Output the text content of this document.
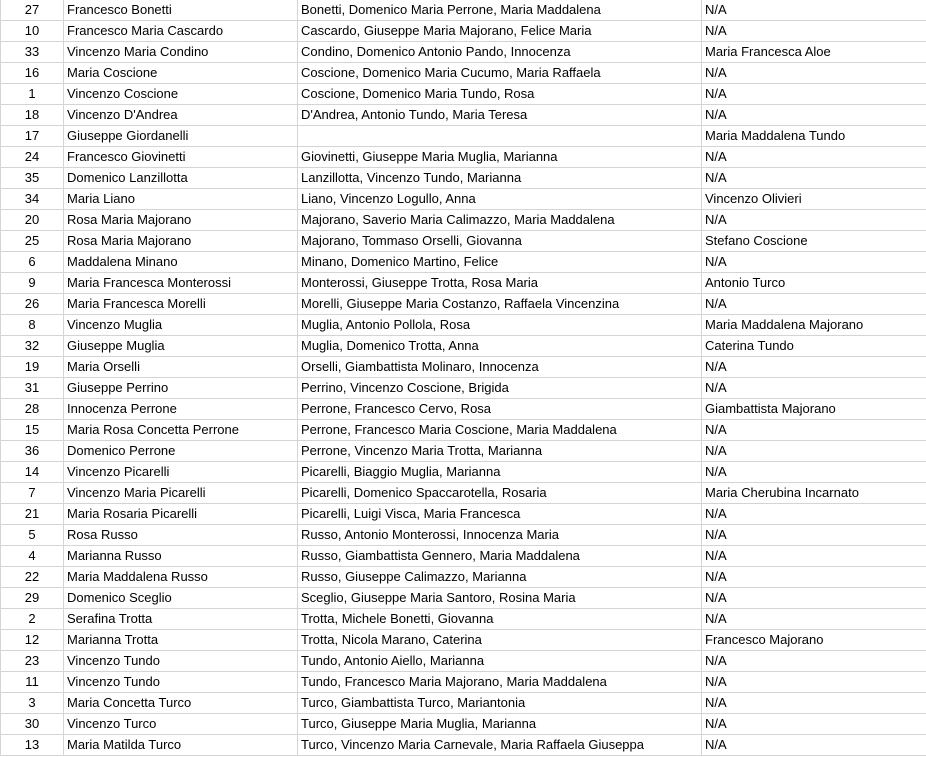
27	Francesco Bonetti	Bonetti, Domenico Maria Perrone, Maria Maddalena	N/A
10	Francesco Maria Cascardo	Cascardo, Giuseppe Maria Majorano, Felice Maria	N/A
33	Vincenzo Maria Condino	Condino, Domenico Antonio Pando, Innocenza	Maria Francesca Aloe
16	Maria Coscione	Coscione, Domenico Maria Cucumo, Maria Raffaela	N/A
1	Vincenzo Coscione	Coscione, Domenico Maria Tundo, Rosa	N/A
18	Vincenzo D'Andrea	D'Andrea, Antonio Tundo, Maria Teresa	N/A
17	Giuseppe Giordanelli		Maria Maddalena Tundo
24	Francesco Giovinetti	Giovinetti, Giuseppe Maria Muglia, Marianna	N/A
35	Domenico Lanzillotta	Lanzillotta, Vincenzo Tundo, Marianna	N/A
34	Maria Liano	Liano, Vincenzo Logullo, Anna	Vincenzo Olivieri
20	Rosa Maria Majorano	Majorano, Saverio Maria Calimazzo, Maria Maddalena	N/A
25	Rosa Maria Majorano	Majorano, Tommaso Orselli, Giovanna	Stefano Coscione
6	Maddalena Minano	Minano, Domenico Martino, Felice	N/A
9	Maria Francesca Monterossi	Monterossi, Giuseppe Trotta, Rosa Maria	Antonio Turco
26	Maria Francesca Morelli	Morelli, Giuseppe Maria Costanzo, Raffaela Vincenzina	N/A
8	Vincenzo Muglia	Muglia, Antonio Pollola, Rosa	Maria Maddalena Majorano
32	Giuseppe Muglia	Muglia, Domenico Trotta, Anna	Caterina Tundo
19	Maria Orselli	Orselli, Giambattista Molinaro, Innocenza	N/A
31	Giuseppe Perrino	Perrino, Vincenzo Coscione, Brigida	N/A
28	Innocenza Perrone	Perrone, Francesco Cervo, Rosa	Giambattista Majorano
15	Maria Rosa Concetta Perrone	Perrone, Francesco Maria Coscione, Maria Maddalena	N/A
36	Domenico Perrone	Perrone, Vincenzo Maria Trotta, Marianna	N/A
14	Vincenzo Picarelli	Picarelli, Biaggio Muglia, Marianna	N/A
7	Vincenzo Maria Picarelli	Picarelli, Domenico Spaccarotella, Rosaria	Maria Cherubina Incarnato
21	Maria Rosaria Picarelli	Picarelli, Luigi Visca, Maria Francesca	N/A
5	Rosa Russo	Russo, Antonio Monterossi, Innocenza Maria	N/A
4	Marianna Russo	Russo, Giambattista Gennero, Maria Maddalena	N/A
22	Maria Maddalena Russo	Russo, Giuseppe Calimazzo, Marianna	N/A
29	Domenico Sceglio	Sceglio, Giuseppe Maria Santoro, Rosina Maria	N/A
2	Serafina Trotta	Trotta, Michele Bonetti, Giovanna	N/A
12	Marianna Trotta	Trotta, Nicola Marano, Caterina	Francesco Majorano
23	Vincenzo Tundo	Tundo, Antonio Aiello, Marianna	N/A
11	Vincenzo Tundo	Tundo, Francesco Maria Majorano, Maria Maddalena	N/A
3	Maria Concetta Turco	Turco, Giambattista Turco, Mariantonia	N/A
30	Vincenzo Turco	Turco, Giuseppe Maria Muglia, Marianna	N/A
13	Maria Matilda Turco	Turco, Vincenzo Maria Carnevale, Maria Raffaela Giuseppa	N/A
